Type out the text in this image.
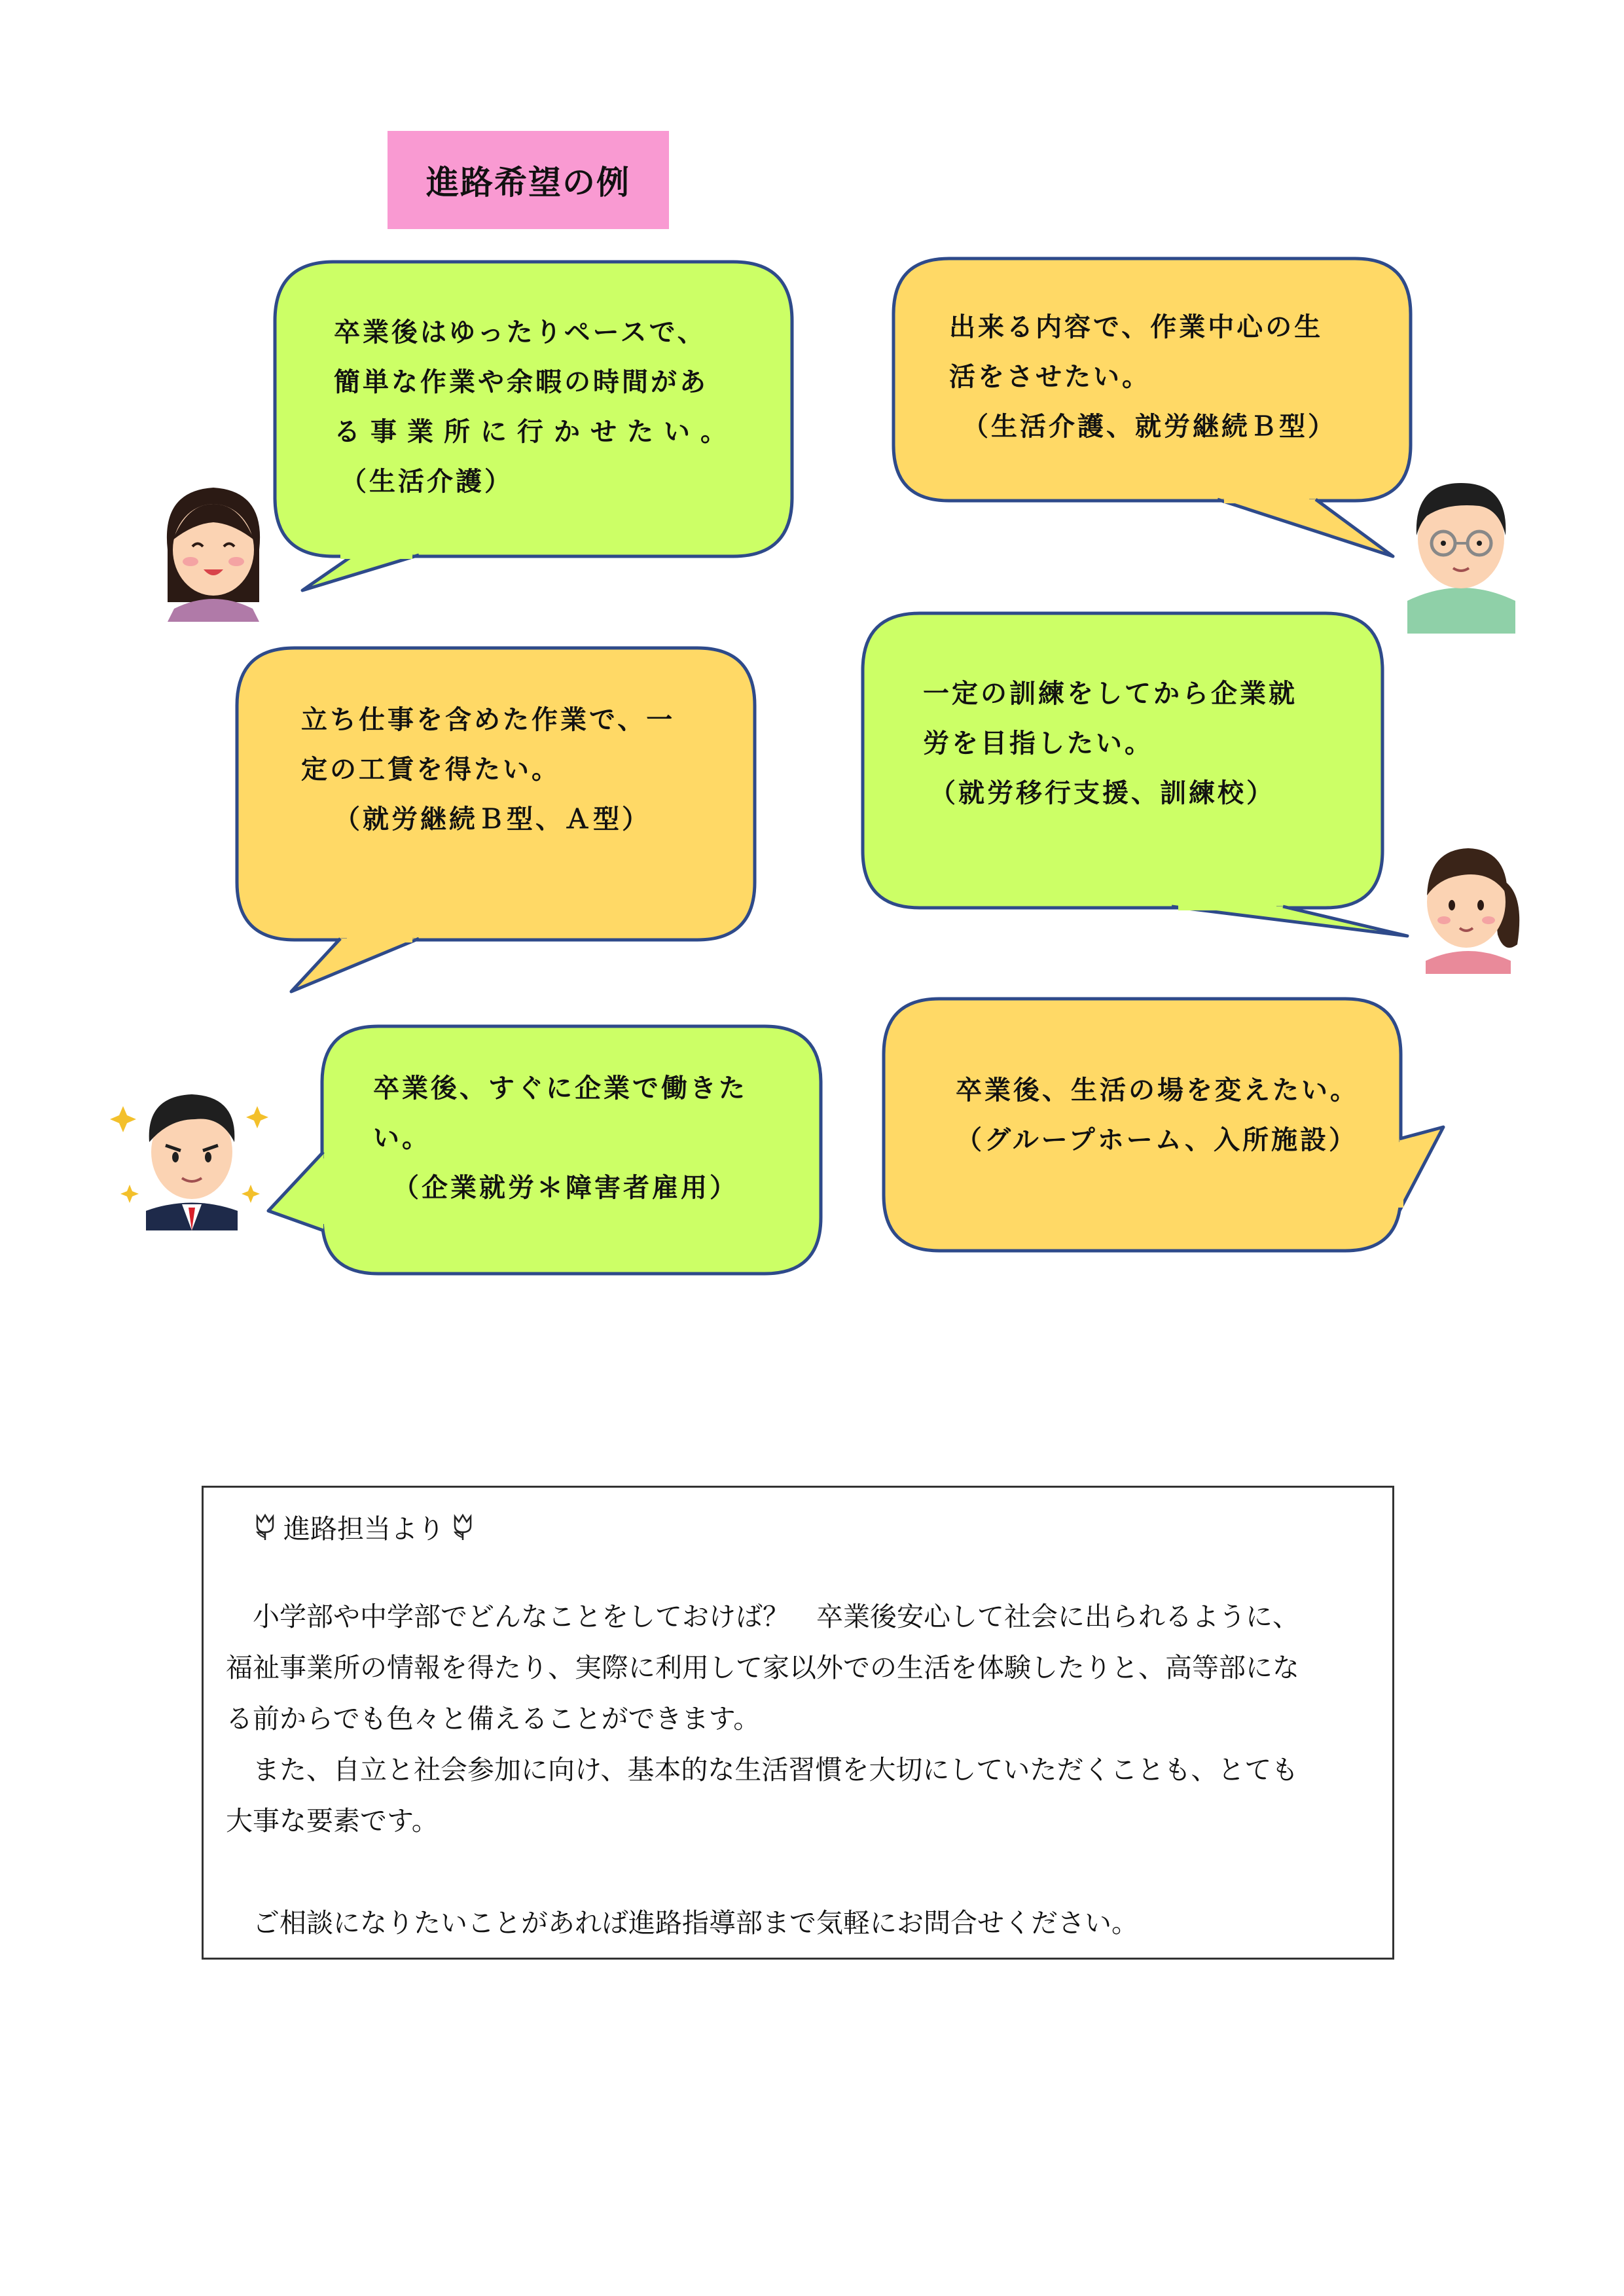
進路希望の例
卒業後はゆったりペースで、
簡単な作業や余暇の時間があ
る事業所に行かせたい。
（生活介護）
出来る内容で、作業中心の生
活をさせたい。
（生活介護、就労継続Ｂ型）
立ち仕事を含めた作業で、一
定の工賃を得たい。
（就労継続Ｂ型、Ａ型）
一定の訓練をしてから企業就
労を目指したい。
（就労移行支援、訓練校）
卒業後、すぐに企業で働きた
い。
（企業就労＊障害者雇用）
卒業後、生活の場を変えたい。
（グループホーム、入所施設）
進路担当より

　小学部や中学部でどんなことをしておけば？　卒業後安心して社会に出られるように、

福祉事業所の情報を得たり、実際に利用して家以外での生活を体験したりと、高等部にな

る前からでも色々と備えることができます。

　また、自立と社会参加に向け、基本的な生活習慣を大切にしていただくことも、とても

大事な要素です。

　ご相談になりたいことがあれば進路指導部まで気軽にお問合せください。
